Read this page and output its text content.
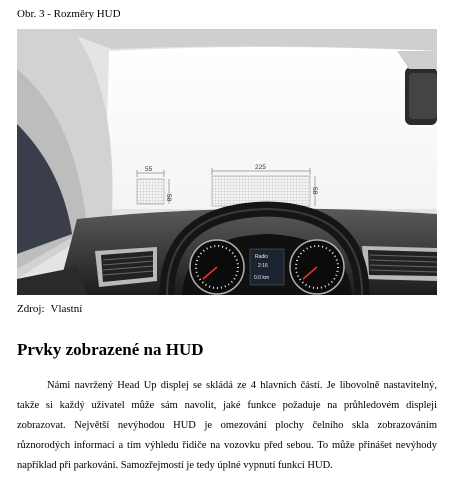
Obr. 3 - Rozměry HUD
55
58
225
58
Radio
2:16
0.0 km
Zdroj: Vlastní
Prvky zobrazené na HUD

Námi navržený Head Up displej se skládá ze 4 hlavních částí. Je libovolně nastavitelný, takže si každý uživatel může sám navolit, jaké funkce požaduje na průhledovém displeji zobrazovat. Největší nevýhodou HUD je omezování plochy čelního skla zobrazováním různorodých informací a tím výhledu řidiče na vozovku před sebou. To může přinášet nevýhody například při parkování. Samozřejmostí je tedy úplné vypnutí funkcí HUD.
